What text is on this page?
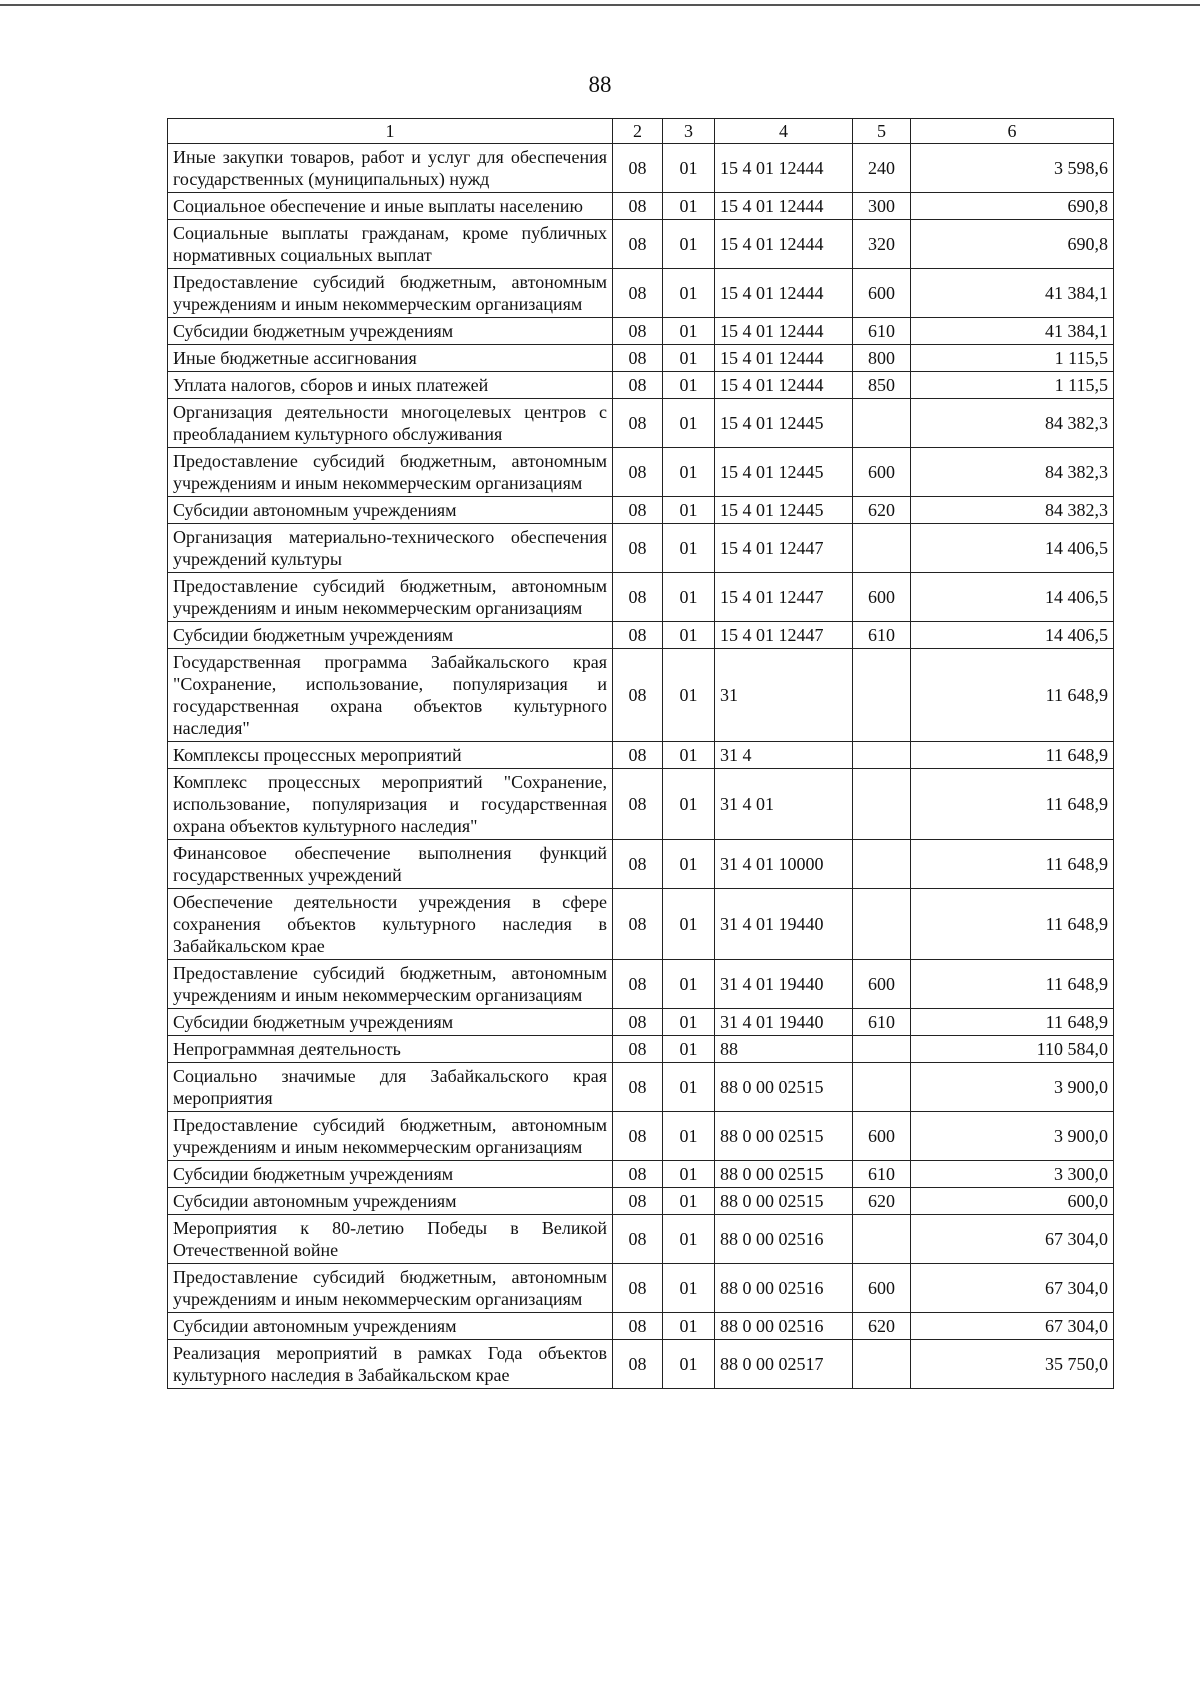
88
1	2	3	4	5	6
Иные закупки товаров, работ и услуг для обеспечения государственных (муниципальных) нужд	08	01	15 4 01 12444	240	3 598,6
Социальное обеспечение и иные выплаты населению	08	01	15 4 01 12444	300	690,8
Социальные выплаты гражданам, кроме публичных нормативных социальных выплат	08	01	15 4 01 12444	320	690,8
Предоставление субсидий бюджетным, автономным учреждениям и иным некоммерческим организациям	08	01	15 4 01 12444	600	41 384,1
Субсидии бюджетным учреждениям	08	01	15 4 01 12444	610	41 384,1
Иные бюджетные ассигнования	08	01	15 4 01 12444	800	1 115,5
Уплата налогов, сборов и иных платежей	08	01	15 4 01 12444	850	1 115,5
Организация деятельности многоцелевых центров с преобладанием культурного обслуживания	08	01	15 4 01 12445		84 382,3
Предоставление субсидий бюджетным, автономным учреждениям и иным некоммерческим организациям	08	01	15 4 01 12445	600	84 382,3
Субсидии автономным учреждениям	08	01	15 4 01 12445	620	84 382,3
Организация материально-технического обеспечения учреждений культуры	08	01	15 4 01 12447		14 406,5
Предоставление субсидий бюджетным, автономным учреждениям и иным некоммерческим организациям	08	01	15 4 01 12447	600	14 406,5
Субсидии бюджетным учреждениям	08	01	15 4 01 12447	610	14 406,5
Государственная программа Забайкальского края "Сохранение, использование, популяризация и государственная охрана объектов культурного наследия"	08	01	31		11 648,9
Комплексы процессных мероприятий	08	01	31 4		11 648,9
Комплекс процессных мероприятий "Сохранение, использование, популяризация и государственная охрана объектов культурного наследия"	08	01	31 4 01		11 648,9
Финансовое обеспечение выполнения функций государственных учреждений	08	01	31 4 01 10000		11 648,9
Обеспечение деятельности учреждения в сфере сохранения объектов культурного наследия в Забайкальском крае	08	01	31 4 01 19440		11 648,9
Предоставление субсидий бюджетным, автономным учреждениям и иным некоммерческим организациям	08	01	31 4 01 19440	600	11 648,9
Субсидии бюджетным учреждениям	08	01	31 4 01 19440	610	11 648,9
Непрограммная деятельность	08	01	88		110 584,0
Социально значимые для Забайкальского края мероприятия	08	01	88 0 00 02515		3 900,0
Предоставление субсидий бюджетным, автономным учреждениям и иным некоммерческим организациям	08	01	88 0 00 02515	600	3 900,0
Субсидии бюджетным учреждениям	08	01	88 0 00 02515	610	3 300,0
Субсидии автономным учреждениям	08	01	88 0 00 02515	620	600,0
Мероприятия к 80-летию Победы в Великой Отечественной войне	08	01	88 0 00 02516		67 304,0
Предоставление субсидий бюджетным, автономным учреждениям и иным некоммерческим организациям	08	01	88 0 00 02516	600	67 304,0
Субсидии автономным учреждениям	08	01	88 0 00 02516	620	67 304,0
Реализация мероприятий в рамках Года объектов культурного наследия в Забайкальском крае	08	01	88 0 00 02517		35 750,0
